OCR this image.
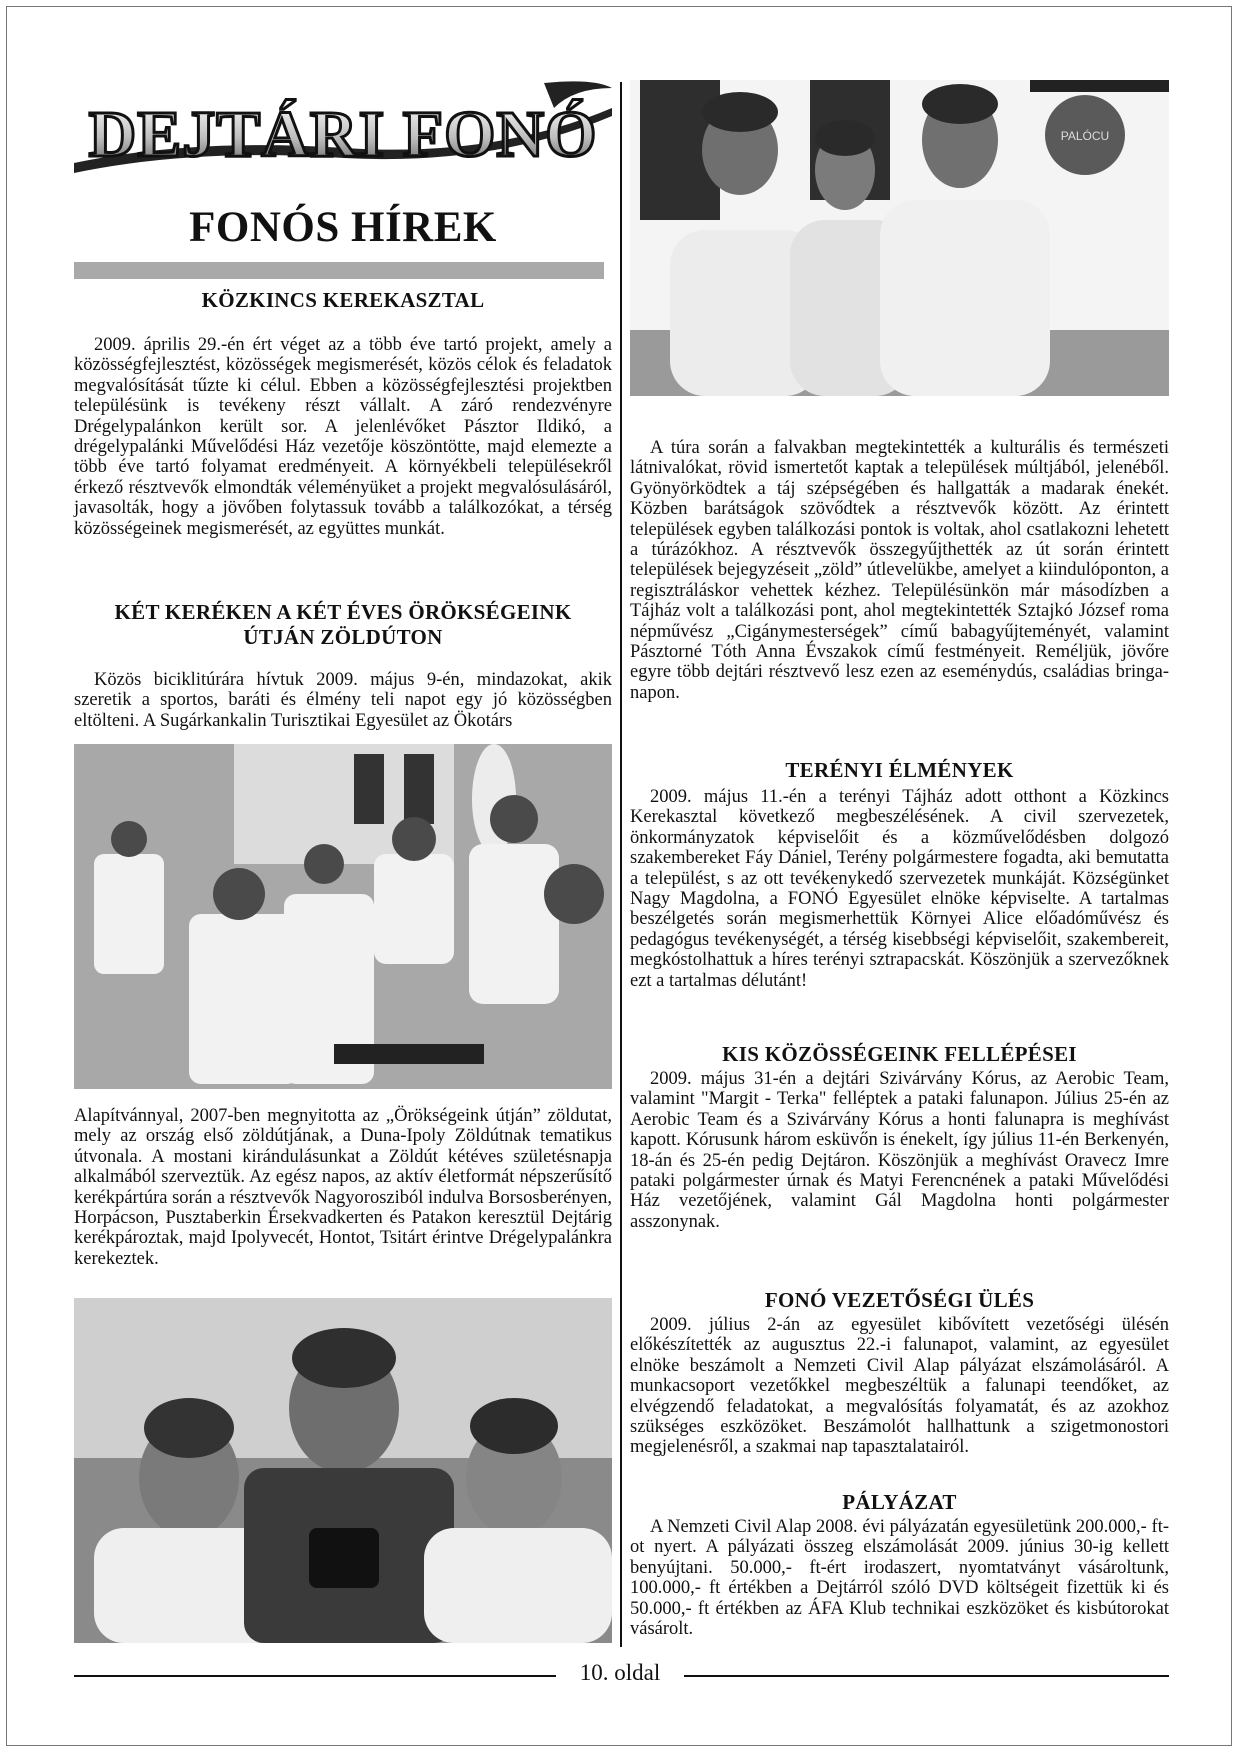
DEJTÁRI FONÓ
FONÓS HÍREK
KÖZKINCS KEREKASZTAL

2009. április 29.-én ért véget az a több éve tartó projekt, amely a közösségfejlesztést, közösségek megismerését, közös célok és feladatok megvalósítását tűzte ki célul. Ebben a közösségfejlesztési projektben településünk is tevékeny részt vállalt. A záró rendezvényre Drégelypalánkon került sor. A jelenlévőket Pásztor Ildikó, a drégelypalánki Művelődési Ház vezetője köszöntötte, majd elemezte a több éve tartó folyamat eredményeit. A környékbeli településekről érkező résztvevők elmondták véleményüket a projekt megvalósulásáról, javasolták, hogy a jövőben folytassuk tovább a találkozókat, a térség közösségeinek megismerését, az együttes munkát.

KÉT KERÉKEN A KÉT ÉVES ÖRÖKSÉGEINK
ÚTJÁN ZÖLDÚTON

Közös biciklitúrára hívtuk 2009. május 9-én, mindazokat, akik szeretik a sportos, baráti és élmény teli napot egy jó közösségben eltölteni. A Sugárkankalin Turisztikai Egyesület az Ökotárs

Alapítvánnyal, 2007-ben megnyitotta az „Örökségeink útján” zöldutat, mely az ország első zöldútjának, a Duna-Ipoly Zöldútnak tematikus útvonala. A mostani kirándulásunkat a Zöldút kétéves születésnapja alkalmából szerveztük. Az egész napos, az aktív életformát népszerűsítő kerékpártúra során a résztvevők Nagyorosziból indulva Borsosberényen, Horpácson, Pusztaberkin Érsekvadkerten és Patakon keresztül Dejtárig kerékpároztak, majd Ipolyvecét, Hontot, Tsitárt érintve Drégelypalánkra kerekeztek.

PALÓCU

A túra során a falvakban megtekintették a kulturális és természeti látnivalókat, rövid ismertetőt kaptak a települések múltjából, jelenéből. Gyönyörködtek a táj szépségében és hallgatták a madarak énekét. Közben barátságok szövődtek a résztvevők között. Az érintett települések egyben találkozási pontok is voltak, ahol csatlakozni lehetett a túrázókhoz. A résztvevők összegyűjthették az út során érintett települések bejegyzéseit „zöld” útlevelükbe, amelyet a kiindulóponton, a regisztráláskor vehettek kézhez. Településünkön már másodízben a Tájház volt a találkozási pont, ahol megtekintették Sztajkó József roma népművész „Cigánymesterségek” című babagyűjteményét, valamint Pásztorné Tóth Anna Évszakok című festményeit. Reméljük, jövőre egyre több dejtári résztvevő lesz ezen az eseménydús, családias bringa-napon.

TERÉNYI ÉLMÉNYEK

2009. május 11.-én a terényi Tájház adott otthont a Közkincs Kerekasztal következő megbeszélésének. A civil szervezetek, önkormányzatok képviselőit és a közművelődésben dolgozó szakembereket Fáy Dániel, Terény polgármestere fogadta, aki bemutatta a települést, s az ott tevékenykedő szervezetek munkáját. Községünket Nagy Magdolna, a FONÓ Egyesület elnöke képviselte. A tartalmas beszélgetés során megismerhettük Környei Alice előadóművész és pedagógus tevékenységét, a térség kisebbségi képviselőit, szakembereit, megkóstolhattuk a híres terényi sztrapacskát. Köszönjük a szervezőknek ezt a tartalmas délutánt!

KIS KÖZÖSSÉGEINK FELLÉPÉSEI

2009. május 31-én a dejtári Szivárvány Kórus, az Aerobic Team, valamint "Margit - Terka" felléptek a pataki falunapon. Július 25-én az Aerobic Team és a Szivárvány Kórus a honti falunapra is meghívást kapott. Kórusunk három esküvőn is énekelt, így július 11-én Berkenyén, 18-án és 25-én pedig Dejtáron. Köszönjük a meghívást Oravecz Imre pataki polgármester úrnak és Matyi Ferencnének a pataki Művelődési Ház vezetőjének, valamint Gál Magdolna honti polgármester asszonynak.

FONÓ VEZETŐSÉGI ÜLÉS

2009. július 2-án az egyesület kibővített vezetőségi ülésén előkészítették az augusztus 22.-i falunapot, valamint, az egyesület elnöke beszámolt a Nemzeti Civil Alap pályázat elszámolásáról. A munkacsoport vezetőkkel megbeszéltük a falunapi teendőket, az elvégzendő feladatokat, a megvalósítás folyamatát, és az azokhoz szükséges eszközöket. Beszámolót hallhattunk a szigetmonostori megjelenésről, a szakmai nap tapasztalatairól.

PÁLYÁZAT

A Nemzeti Civil Alap 2008. évi pályázatán egyesületünk 200.000,- ft-ot nyert. A pályázati összeg elszámolását 2009. június 30-ig kellett benyújtani. 50.000,- ft-ért irodaszert, nyomtatványt vásároltunk, 100.000,- ft értékben a Dejtárról szóló DVD költségeit fizettük ki és 50.000,- ft értékben az ÁFA Klub technikai eszközöket és kisbútorokat vásárolt.

10. oldal
